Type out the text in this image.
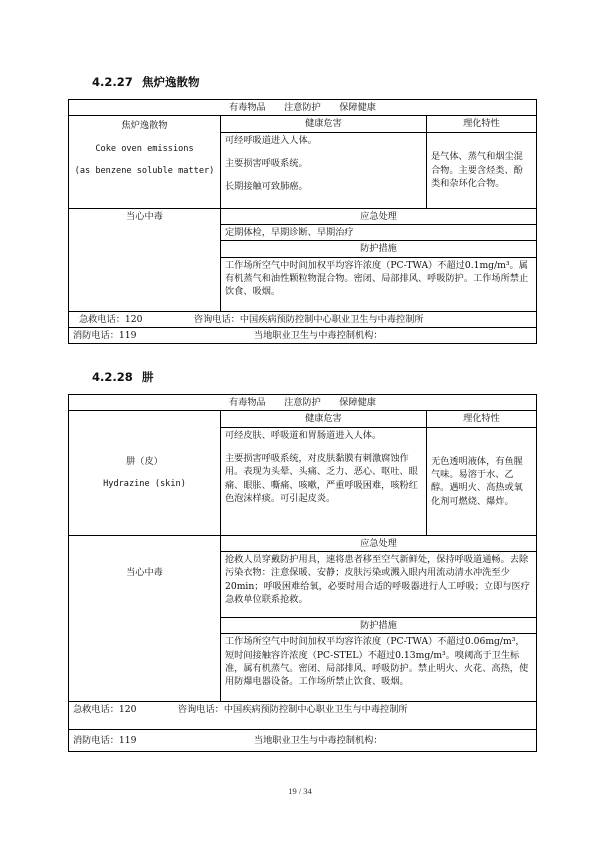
4.2.27 焦炉逸散物
有毒物品　　注意防护　　保障健康		

焦炉逸散物
Coke oven emissions
(as benzene soluble matter)	健康危害	理化特性

	可经呼吸道进入人体。
主要损害呼吸系统。
长期接触可致肺癌。	是气体、蒸气和烟尘混合物。主要含烃类、酚类和杂环化合物。
当心中毒	应急处理	
	定期体检，早期诊断、早期治疗	
	防护措施	
	工作场所空气中时间加权平均容许浓度（PC-TWA）不超过0.1mg/m³。属有机蒸气和油性颗粒物混合物。密闭、局部排风、呼吸防护。工作场所禁止饮食、吸烟。	
急救电话：120 咨询电话：中国疾病预防控制中心职业卫生与中毒控制所		
消防电话：119 当地职业卫生与中毒控制机构：		
4.2.28 肼
有毒物品　　注意防护　　保障健康		

肼（皮）
Hydrazine (skin)	健康危害	理化特性

	可经皮肤、呼吸道和胃肠道进入人体。
主要损害呼吸系统，对皮肤黏膜有刺激腐蚀作用。表现为头晕、头痛、乏力、恶心、呕吐、眼痛、眼胀、嘶痛、咳嗽，严重呼吸困难，咳粉红色泡沫样痰。可引起皮炎。	无色透明液体，有鱼腥气味。易溶于水、乙醇。遇明火、高热或氧化剂可燃烧、爆炸。
当心中毒	应急处理	
	抢救人员穿戴防护用具，速将患者移至空气新鲜处，保持呼吸道通畅。去除污染衣物：注意保暖、安静；皮肤污染或溅入眼内用流动清水冲洗至少20min；呼吸困难给氧，必要时用合适的呼吸器进行人工呼吸；立即与医疗急救单位联系抢救。	
	防护措施	
	工作场所空气中时间加权平均容许浓度（PC-TWA）不超过0.06mg/m³，短时间接触容许浓度（PC-STEL）不超过0.13mg/m³。嗅阈高于卫生标准，属有机蒸气。密闭、局部排风、呼吸防护。禁止明火、火花、高热，使用防爆电器设备。工作场所禁止饮食、吸烟。	
急救电话：120 咨询电话：中国疾病预防控制中心职业卫生与中毒控制所		
消防电话：119 当地职业卫生与中毒控制机构：		
19 / 34
